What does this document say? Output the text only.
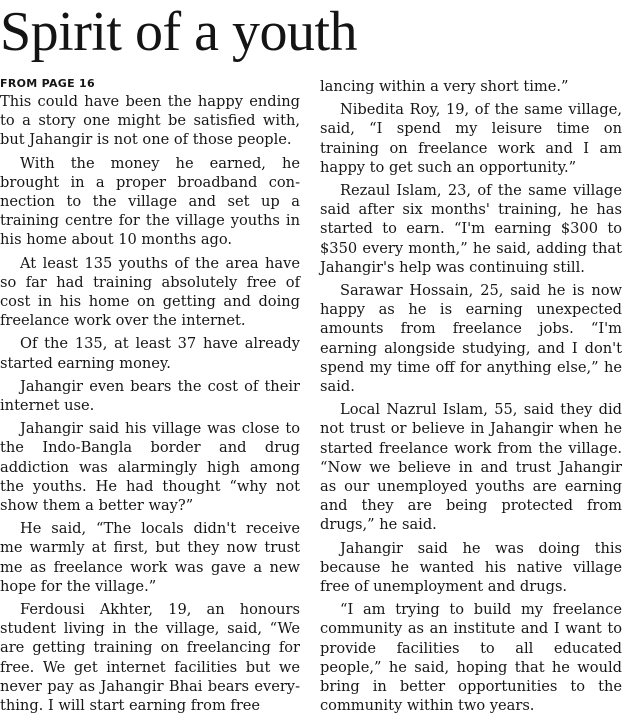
Spirit of a youth
FROM PAGE 16

This could have been the happy ending to a story one might be satisfied with, but Jahangir is not one of those people.

With the money he earned, he brought in a proper broadband connection to the village and set up a training centre for the village youths in his home about 10 months ago.

At least 135 youths of the area have so far had training absolutely free of cost in his home on getting and doing freelance work over the internet.

Of the 135, at least 37 have already started earning money.

Jahangir even bears the cost of their internet use.

Jahangir said his village was close to the Indo-Bangla border and drug addiction was alarmingly high among the youths. He had thought “why not show them a better way?”

He said, “The locals didn't receive me warmly at first, but they now trust me as freelance work was gave a new hope for the village.”

Ferdousi Akhter, 19, an honours student living in the village, said, “We are getting training on freelancing for free. We get internet facilities but we never pay as Jahangir Bhai bears everything. I will start earning from free

lancing within a very short time.”

Nibedita Roy, 19, of the same village, said, “I spend my leisure time on training on freelance work and I am happy to get such an opportunity.”

Rezaul Islam, 23, of the same village said after six months' training, he has started to earn. “I'm earning $300 to $350 every month,” he said, adding that Jahangir's help was continuing still.

Sarawar Hossain, 25, said he is now happy as he is earning unexpected amounts from freelance jobs. “I'm earning alongside studying, and I don't spend my time off for anything else,” he said.

Local Nazrul Islam, 55, said they did not trust or believe in Jahangir when he started freelance work from the village. “Now we believe in and trust Jahangir as our unemployed youths are earning and they are being protected from drugs,” he said.

Jahangir said he was doing this because he wanted his native village free of unemployment and drugs.

“I am trying to build my freelance community as an institute and I want to provide facilities to all educated people,” he said, hoping that he would bring in better opportunities to the community within two years.
